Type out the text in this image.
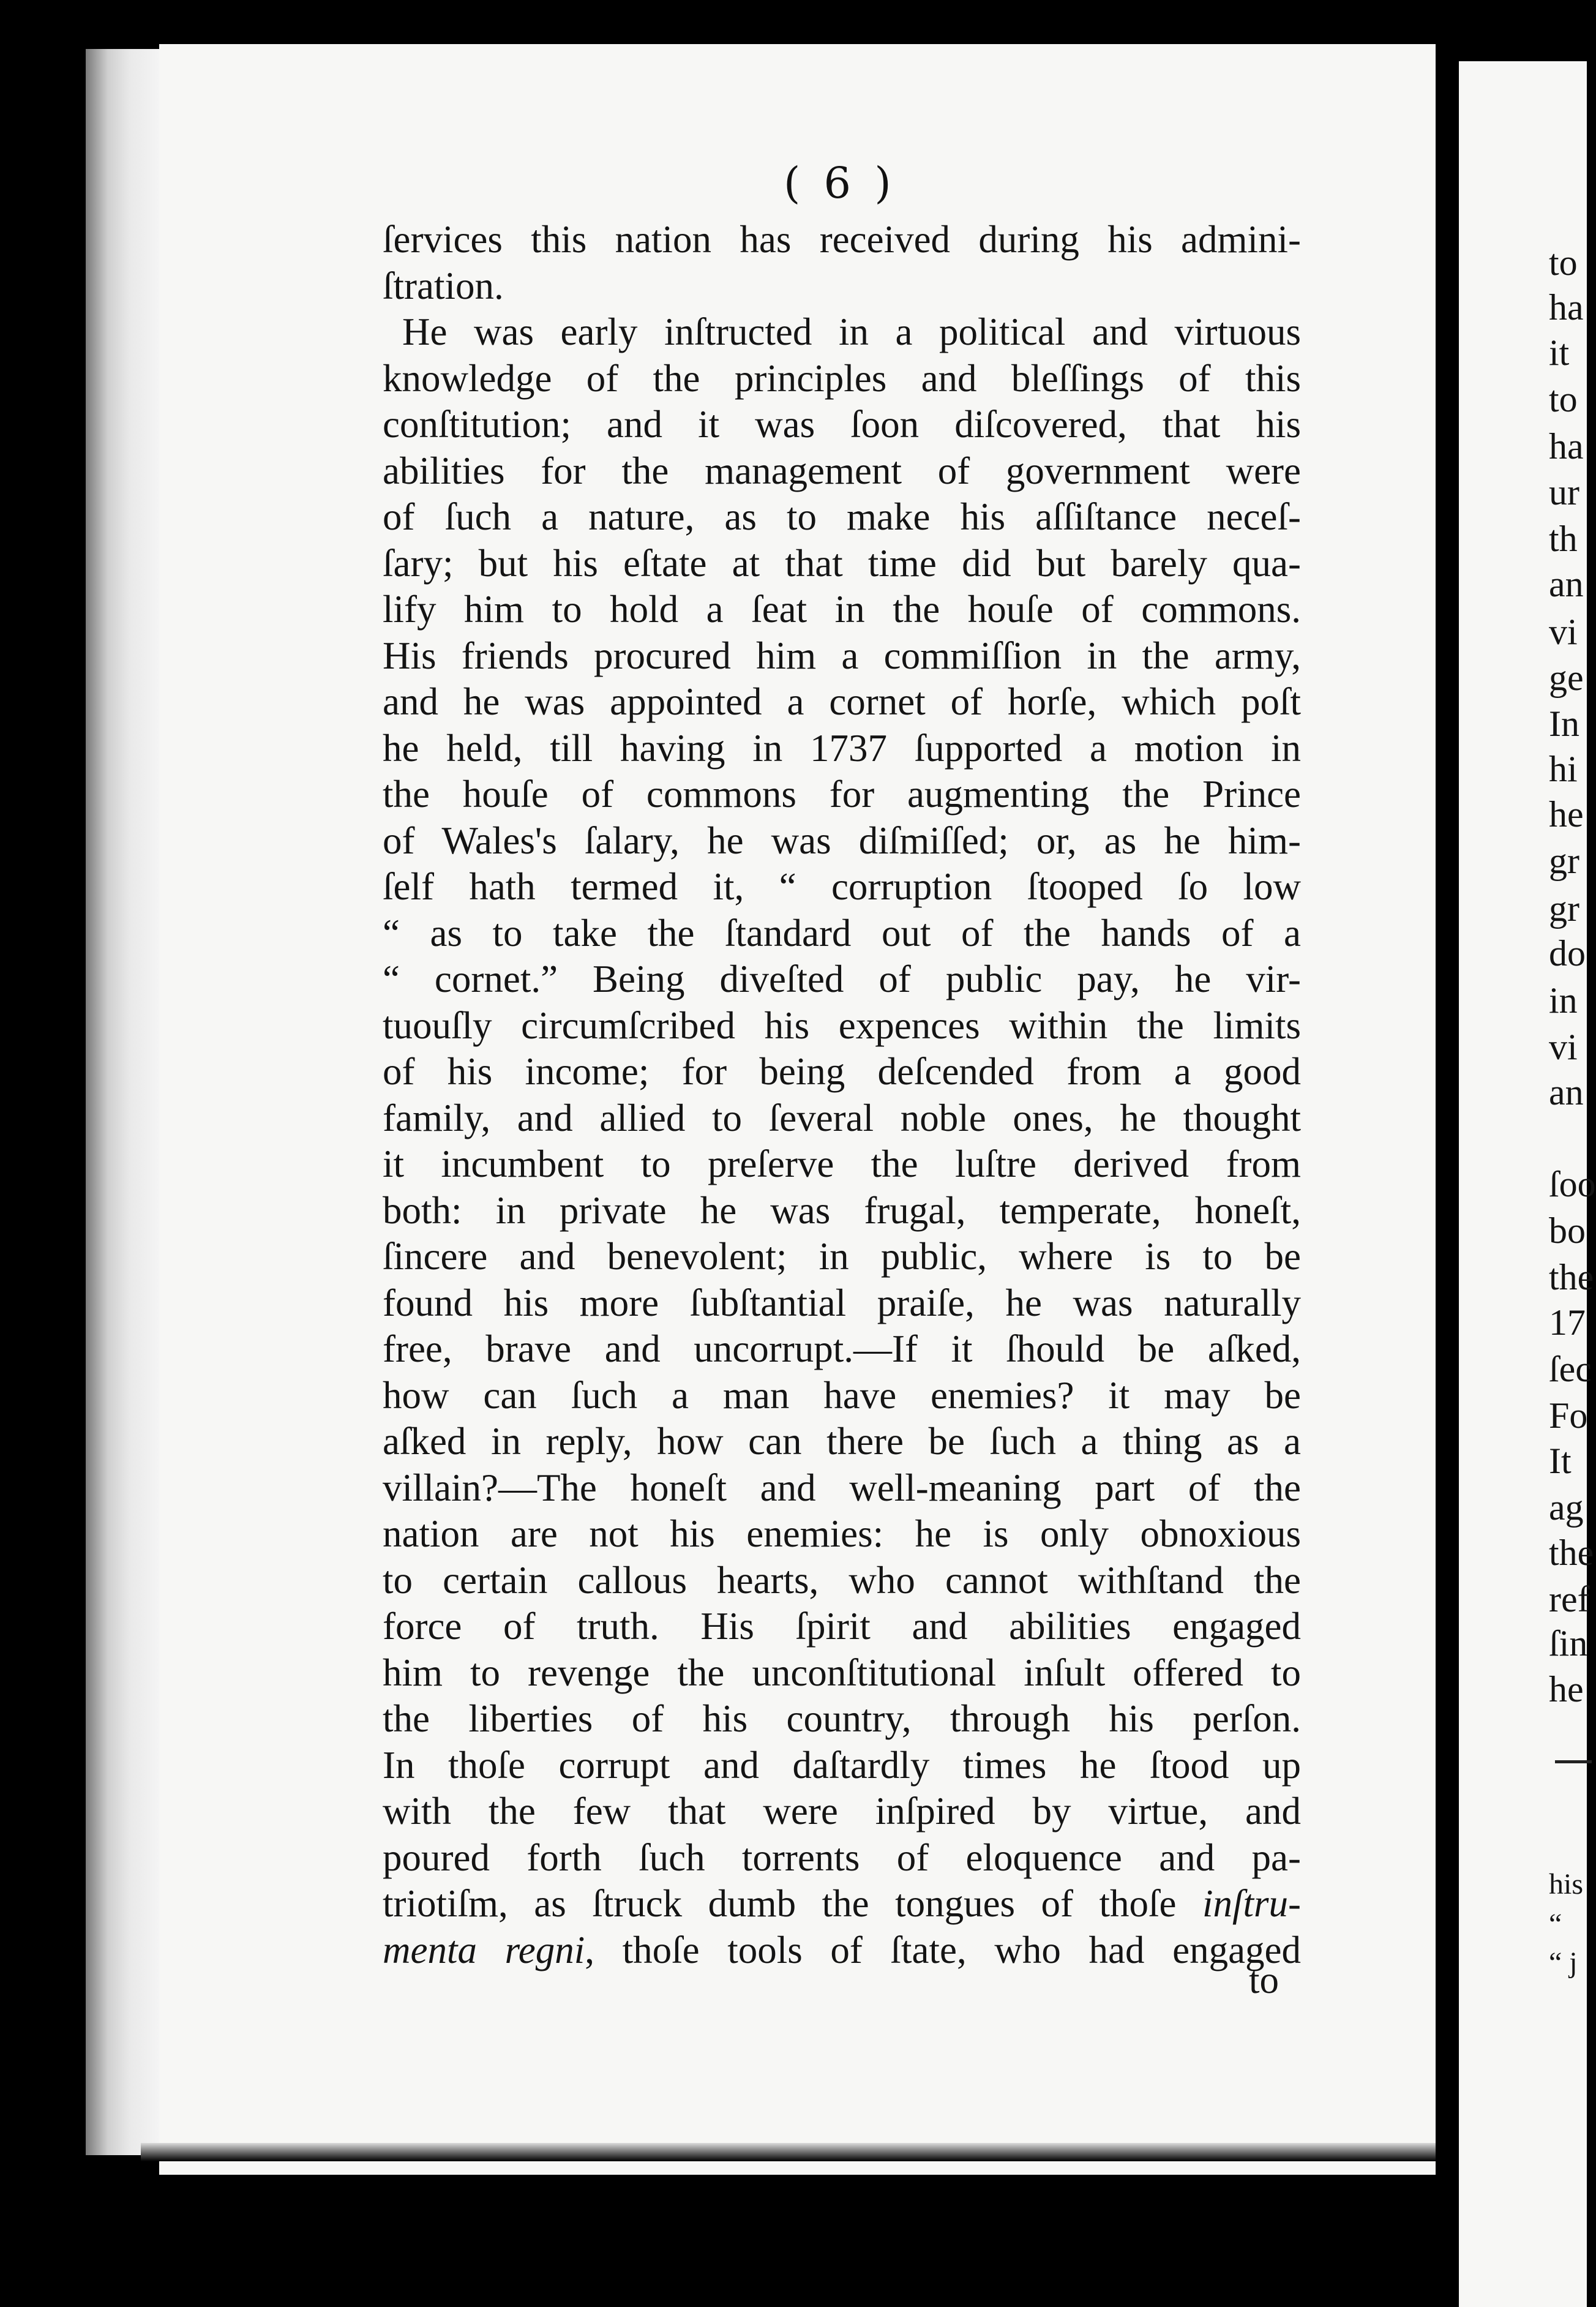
( 6 )
ſervices this nation has received during his admini-
ſtration.
He was early inſtructed in a political and virtuous
knowledge of the principles and bleſſings of this
conſtitution; and it was ſoon diſcovered, that his
abilities for the management of government were
of ſuch a nature, as to make his aſſiſtance neceſ-
ſary; but his eſtate at that time did but barely qua-
lify him to hold a ſeat in the houſe of commons.
His friends procured him a commiſſion in the army,
and he was appointed a cornet of horſe, which poſt
he held, till having in 1737 ſupported a motion in
the houſe of commons for augmenting the Prince
of Wales's ſalary, he was diſmiſſed; or, as he him-
ſelf hath termed it, “ corruption ſtooped ſo low
“ as to take the ſtandard out of the hands of a
“ cornet.” Being diveſted of public pay, he vir-
tuouſly circumſcribed his expences within the limits
of his income; for being deſcended from a good
family, and allied to ſeveral noble ones, he thought
it incumbent to preſerve the luſtre derived from
both: in private he was frugal, temperate, honeſt,
ſincere and benevolent; in public, where is to be
found his more ſubſtantial praiſe, he was naturally
free, brave and uncorrupt.—If it ſhould be aſked,
how can ſuch a man have enemies? it may be
aſked in reply, how can there be ſuch a thing as a
villain?—The honeſt and well-meaning part of the
nation are not his enemies: he is only obnoxious
to certain callous hearts, who cannot withſtand the
force of truth. His ſpirit and abilities engaged
him to revenge the unconſtitutional inſult offered to
the liberties of his country, through his perſon.
In thoſe corrupt and daſtardly times he ſtood up
with the few that were inſpired by virtue, and
poured forth ſuch torrents of eloquence and pa-
triotiſm, as ſtruck dumb the tongues of thoſe inſtru-
menta regni, thoſe tools of ſtate, who had engaged
to
to
ha
it
to
ha
ur
th
an
vi
ge
In
hi
he
gr
gr
do
in
vi
an
ſoo
bo
the
17
ſec
Fo
It
ag
the
ref
ſin
he
his
“
“ j
